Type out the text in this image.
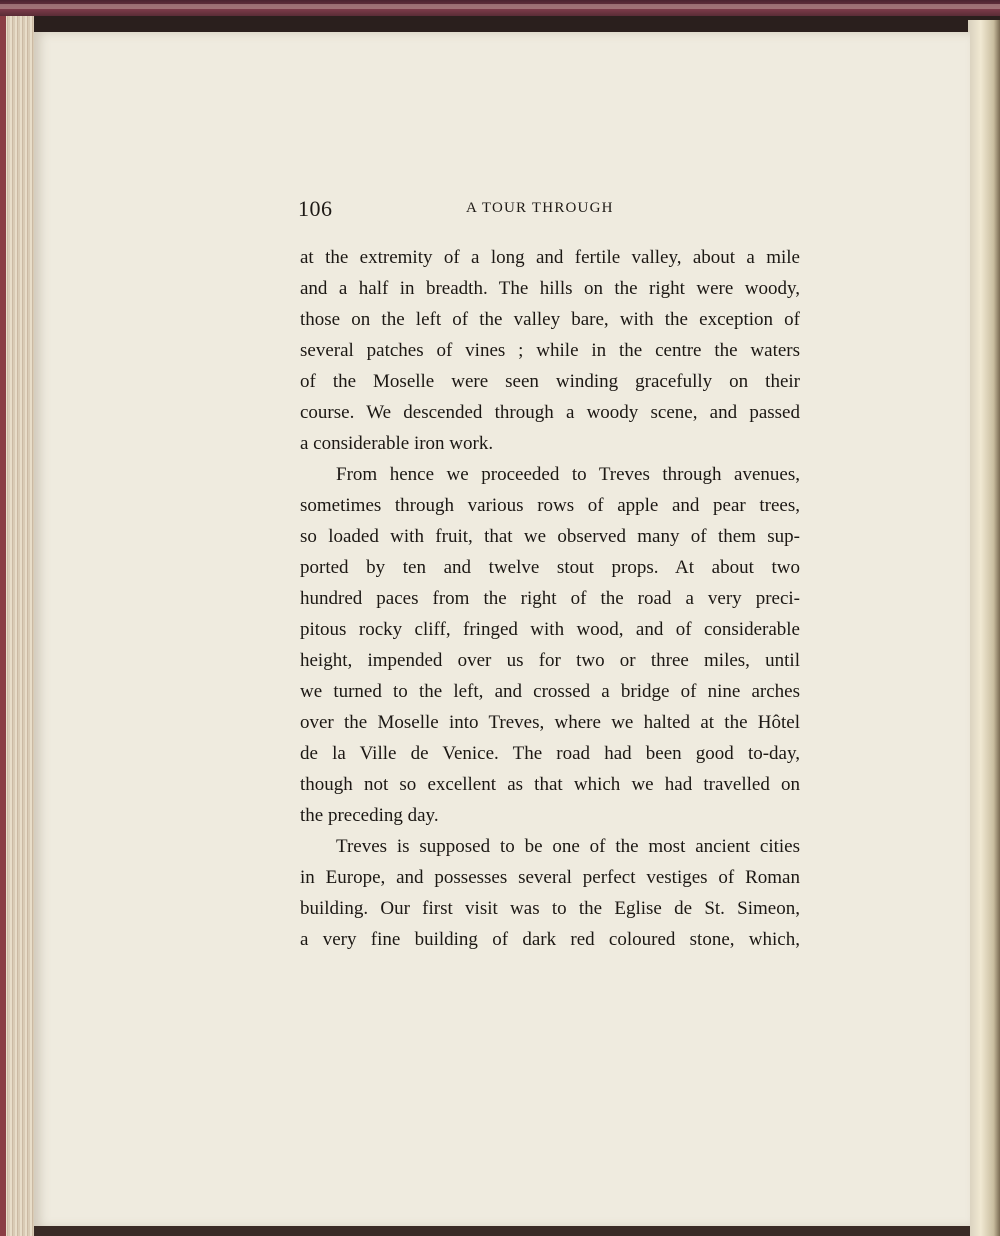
106	A TOUR THROUGH
at the extremity of a long and fertile valley, about a mile
and a half in breadth. The hills on the right were woody,
those on the left of the valley bare, with the exception of
several patches of vines ; while in the centre the waters
of the Moselle were seen winding gracefully on their
course. We descended through a woody scene, and passed
a considerable iron work.
From hence we proceeded to Treves through avenues,
sometimes through various rows of apple and pear trees,
so loaded with fruit, that we observed many of them sup-
ported by ten and twelve stout props. At about two
hundred paces from the right of the road a very preci-
pitous rocky cliff, fringed with wood, and of considerable
height, impended over us for two or three miles, until
we turned to the left, and crossed a bridge of nine arches
over the Moselle into Treves, where we halted at the Hôtel
de la Ville de Venice. The road had been good to-day,
though not so excellent as that which we had travelled on
the preceding day.
Treves is supposed to be one of the most ancient cities
in Europe, and possesses several perfect vestiges of Roman
building. Our first visit was to the Eglise de St. Simeon,
a very fine building of dark red coloured stone, which,
